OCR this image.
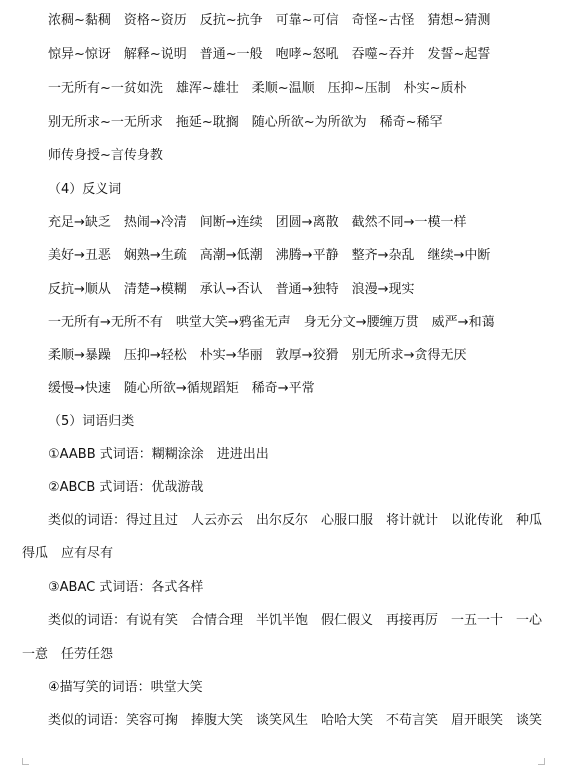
浓稠~黏稠　资格~资历　反抗~抗争　可靠~可信　奇怪~古怪　猜想~猜测
惊异~惊讶　解释~说明　普通~一般　咆哮~怒吼　吞噬~吞并　发誓~起誓
一无所有~一贫如洗　雄浑~雄壮　柔顺~温顺　压抑~压制　朴实~质朴
别无所求~一无所求　拖延~耽搁　随心所欲~为所欲为　稀奇~稀罕
师传身授~言传身教
（4）反义词
充足→缺乏　热闹→冷清　间断→连续　团圆→离散　截然不同→一模一样
美好→丑恶　娴熟→生疏　高潮→低潮　沸腾→平静　整齐→杂乱　继续→中断
反抗→顺从　清楚→模糊　承认→否认　普通→独特　浪漫→现实
一无所有→无所不有　哄堂大笑→鸦雀无声　身无分文→腰缠万贯　威严→和蔼
柔顺→暴躁　压抑→轻松　朴实→华丽　敦厚→狡猾　别无所求→贪得无厌
缓慢→快速　随心所欲→循规蹈矩　稀奇→平常
（5）词语归类
①AABB 式词语：糊糊涂涂　进进出出
②ABCB 式词语：优哉游哉
类似的词语：得过且过　人云亦云　出尔反尔　心服口服　将计就计　以讹传讹　种瓜
得瓜　应有尽有
③ABAC 式词语：各式各样
类似的词语：有说有笑　合情合理　半饥半饱　假仁假义　再接再厉　一五一十　一心
一意　任劳任怨
④描写笑的词语：哄堂大笑
类似的词语：笑容可掬　捧腹大笑　谈笑风生　哈哈大笑　不苟言笑　眉开眼笑　谈笑
